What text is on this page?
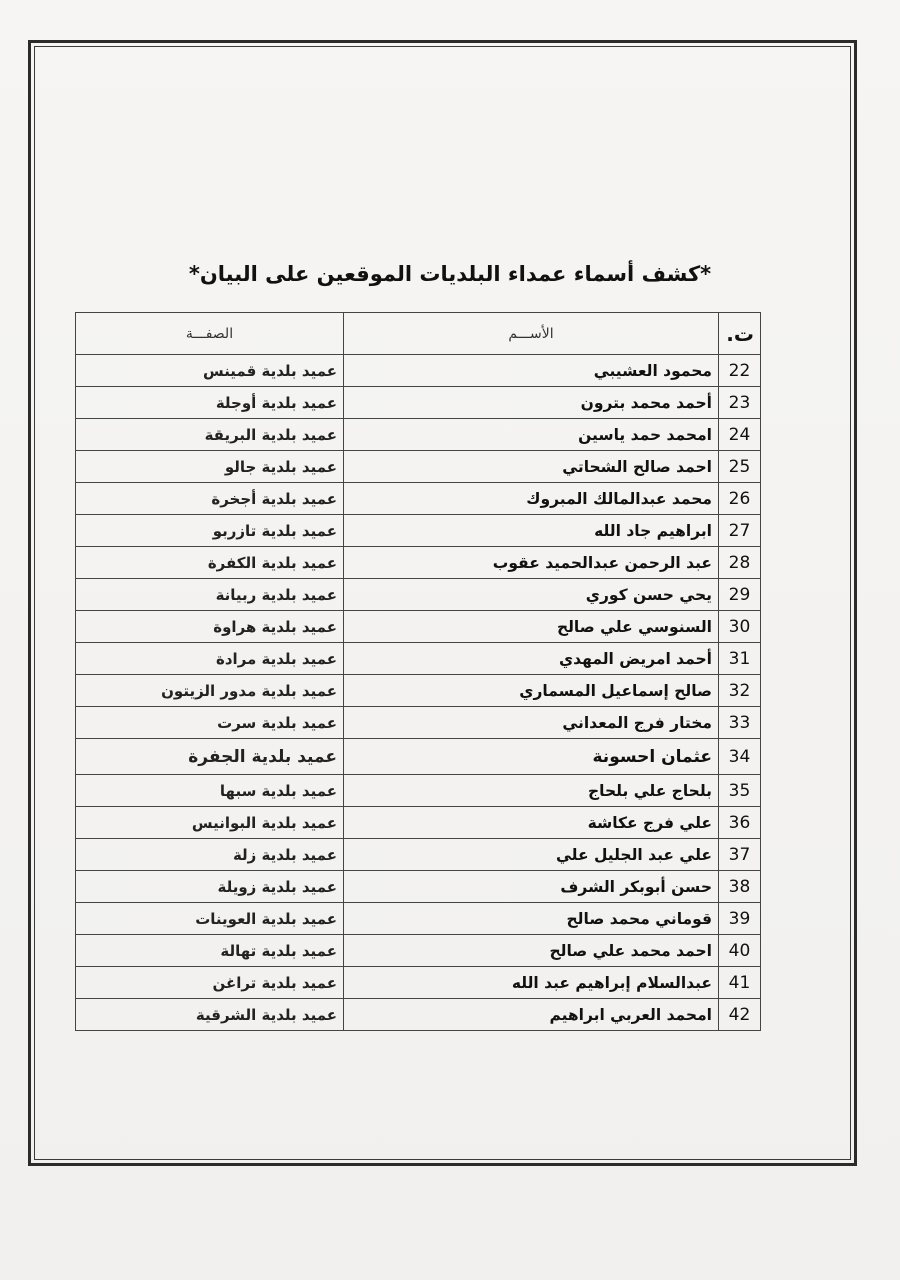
*كشف أسماء عمداء البلديات الموقعين على البيان*
ت.	الأســـم	الصفـــة
22	محمود العشيبي	عميد بلدية قمينس
23	أحمد محمد بترون	عميد بلدية أوجلة
24	امحمد حمد ياسين	عميد بلدية البريقة
25	احمد صالح الشحاتي	عميد بلدية جالو
26	محمد عبدالمالك المبروك	عميد بلدية أجخرة
27	ابراهيم جاد الله	عميد بلدية تازربو
28	عبد الرحمن عبدالحميد عقوب	عميد بلدية الكفرة
29	يحي حسن كوري	عميد بلدية ربيانة
30	السنوسي علي صالح	عميد بلدية هراوة
31	أحمد امريض المهدي	عميد بلدية مرادة
32	صالح إسماعيل المسماري	عميد بلدية مدور الزيتون
33	مختار فرج المعداني	عميد بلدية سرت
34	عثمان احسونة	عميد بلدية الجفرة
35	بلحاج علي بلحاج	عميد بلدية سبها
36	علي فرج عكاشة	عميد بلدية البوانيس
37	علي عبد الجليل علي	عميد بلدية زلة
38	حسن أبوبكر الشرف	عميد بلدية زويلة
39	قوماني محمد صالح	عميد بلدية العوينات
40	احمد محمد علي صالح	عميد بلدية تهالة
41	عبدالسلام إبراهيم عبد الله	عميد بلدية تراغن
42	امحمد العربي ابراهيم	عميد بلدية الشرقية
